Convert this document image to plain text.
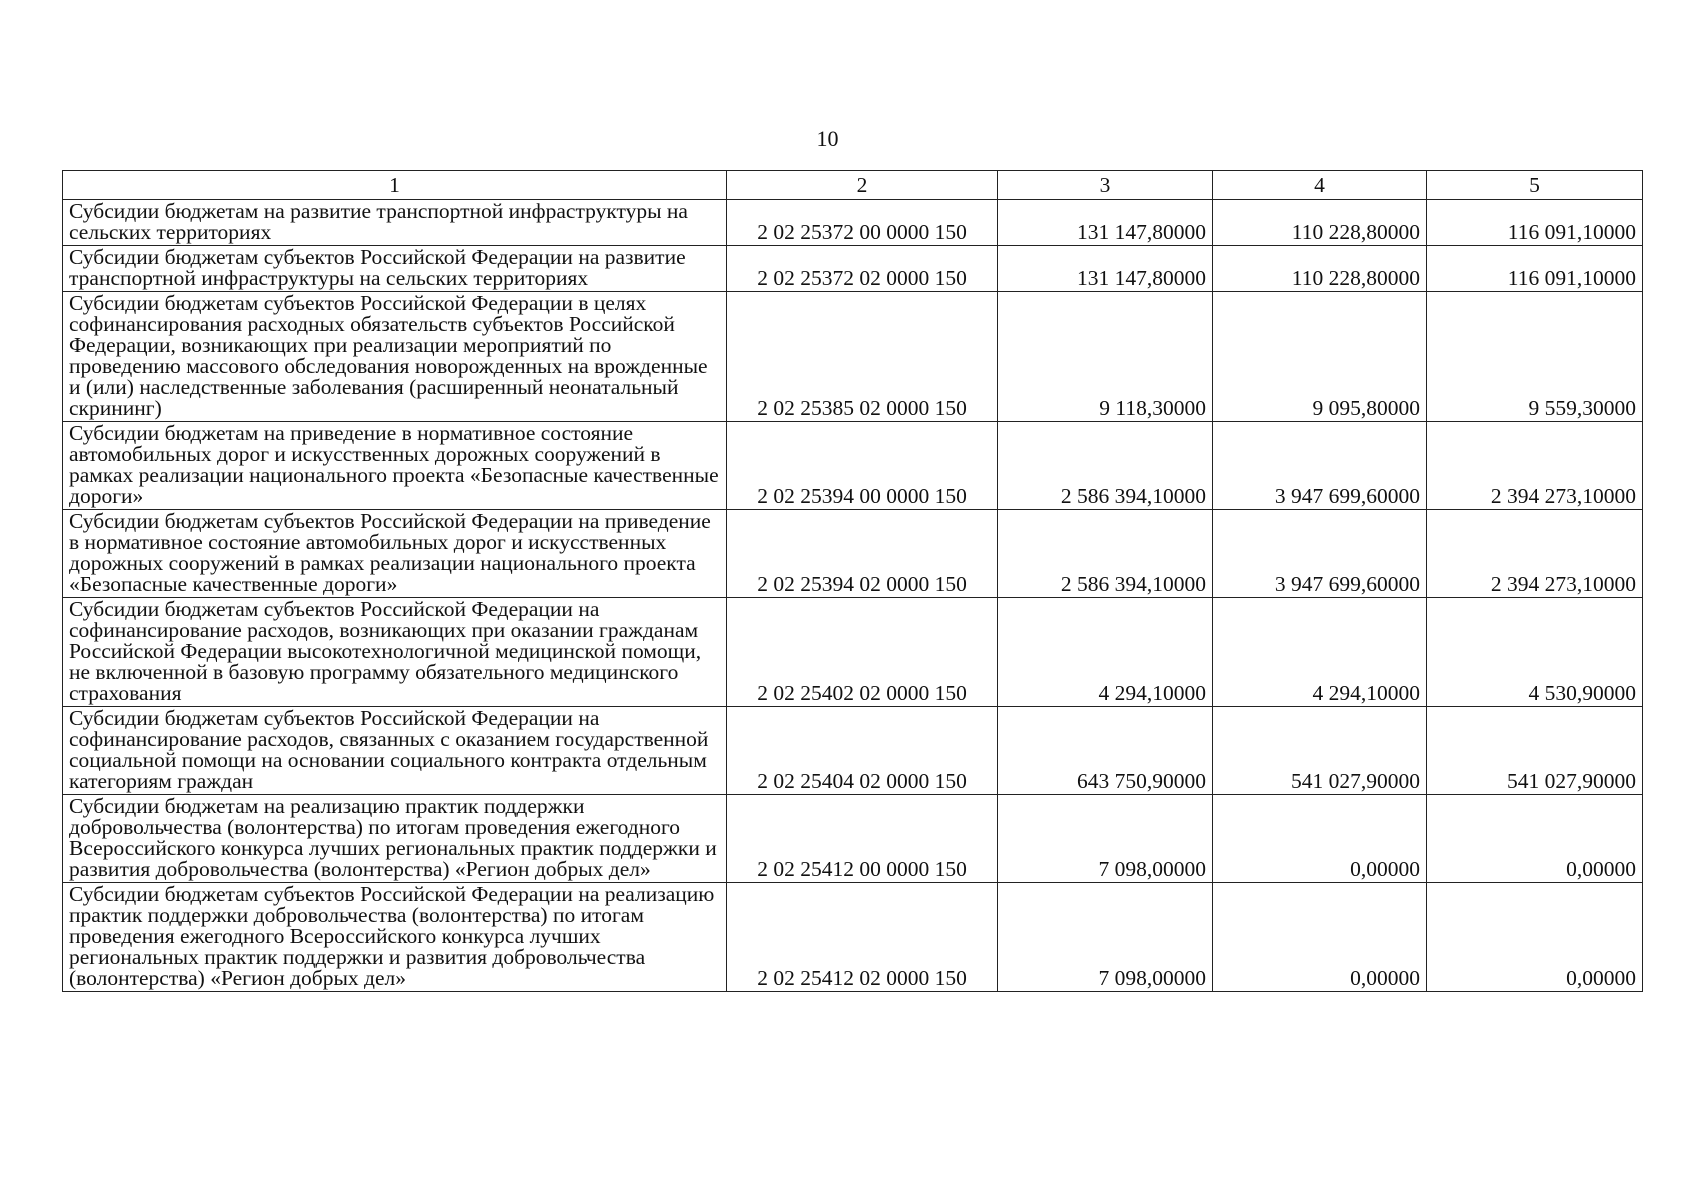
10
1	2	3	4	5
Субсидии бюджетам на развитие транспортной инфраструктуры на сельских территориях	2 02 25372 00 0000 150	131 147,80000	110 228,80000	116 091,10000
Субсидии бюджетам субъектов Российской Федерации на развитие транспортной инфраструктуры на сельских территориях	2 02 25372 02 0000 150	131 147,80000	110 228,80000	116 091,10000
Субсидии бюджетам субъектов Российской Федерации в целях софинансирования расходных обязательств субъектов Российской Федерации, возникающих при реализации мероприятий по проведению массового обследования новорожденных на врожденные и (или) наследственные заболевания (расширенный неонатальный скрининг)	2 02 25385 02 0000 150	9 118,30000	9 095,80000	9 559,30000
Субсидии бюджетам на приведение в нормативное состояние автомобильных дорог и искусственных дорожных сооружений в рамках реализации национального проекта «Безопасные качественные дороги»	2 02 25394 00 0000 150	2 586 394,10000	3 947 699,60000	2 394 273,10000
Субсидии бюджетам субъектов Российской Федерации на приведение в нормативное состояние автомобильных дорог и искусственных дорожных сооружений в рамках реализации национального проекта «Безопасные качественные дороги»	2 02 25394 02 0000 150	2 586 394,10000	3 947 699,60000	2 394 273,10000
Субсидии бюджетам субъектов Российской Федерации на софинансирование расходов, возникающих при оказании гражданам Российской Федерации высокотехнологичной медицинской помощи, не включенной в базовую программу обязательного медицинского страхования	2 02 25402 02 0000 150	4 294,10000	4 294,10000	4 530,90000
Субсидии бюджетам субъектов Российской Федерации на софинансирование расходов, связанных с оказанием государственной социальной помощи на основании социального контракта отдельным категориям граждан	2 02 25404 02 0000 150	643 750,90000	541 027,90000	541 027,90000
Субсидии бюджетам на реализацию практик поддержки добровольчества (волонтерства) по итогам проведения ежегодного Всероссийского конкурса лучших региональных практик поддержки и развития добровольчества (волонтерства) «Регион добрых дел»	2 02 25412 00 0000 150	7 098,00000	0,00000	0,00000
Субсидии бюджетам субъектов Российской Федерации на реализацию практик поддержки добровольчества (волонтерства) по итогам проведения ежегодного Всероссийского конкурса лучших региональных практик поддержки и развития добровольчества (волонтерства) «Регион добрых дел»	2 02 25412 02 0000 150	7 098,00000	0,00000	0,00000
